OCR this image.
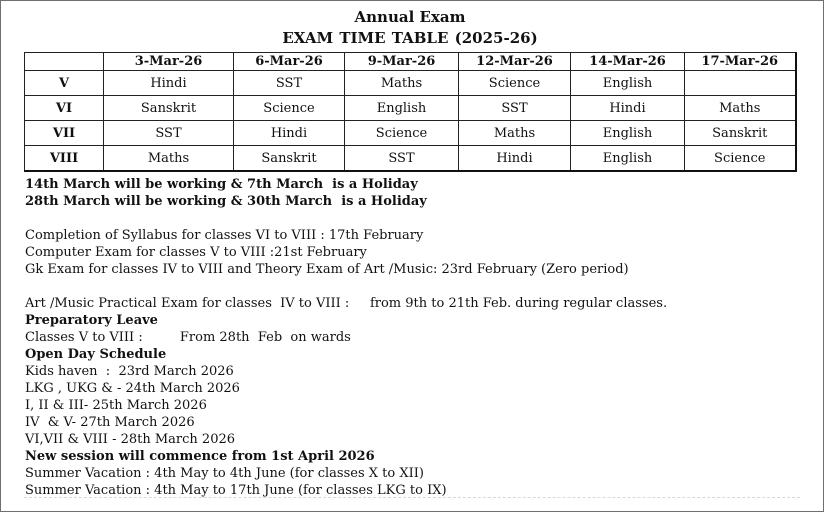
Annual Exam
EXAM TIME TABLE (2025-26)
	3-Mar-26	6-Mar-26	9-Mar-26	12-Mar-26	14-Mar-26	17-Mar-26
V	Hindi	SST	Maths	Science	English	
VI	Sanskrit	Science	English	SST	Hindi	Maths
VII	SST	Hindi	Science	Maths	English	Sanskrit
VIII	Maths	Sanskrit	SST	Hindi	English	Science
14th March will be working & 7th March  is a Holiday
28th March will be working & 30th March  is a Holiday
Completion of Syllabus for classes VI to VIII : 17th February
Computer Exam for classes V to VIII :21st February
Gk Exam for classes IV to VIII and Theory Exam of Art /Music: 23rd February (Zero period)
Art /Music Practical Exam for classes  IV to VIII :     from 9th to 21th Feb. during regular classes.
Preparatory Leave
Classes V to VIII :         From 28th  Feb  on wards
Open Day Schedule
Kids haven  :  23rd March 2026
LKG , UKG & - 24th March 2026
I, II & III- 25th March 2026
IV  & V- 27th March 2026
VI,VII & VIII - 28th March 2026
New session will commence from 1st April 2026
Summer Vacation : 4th May to 4th June (for classes X to XII)
Summer Vacation : 4th May to 17th June (for classes LKG to IX)
